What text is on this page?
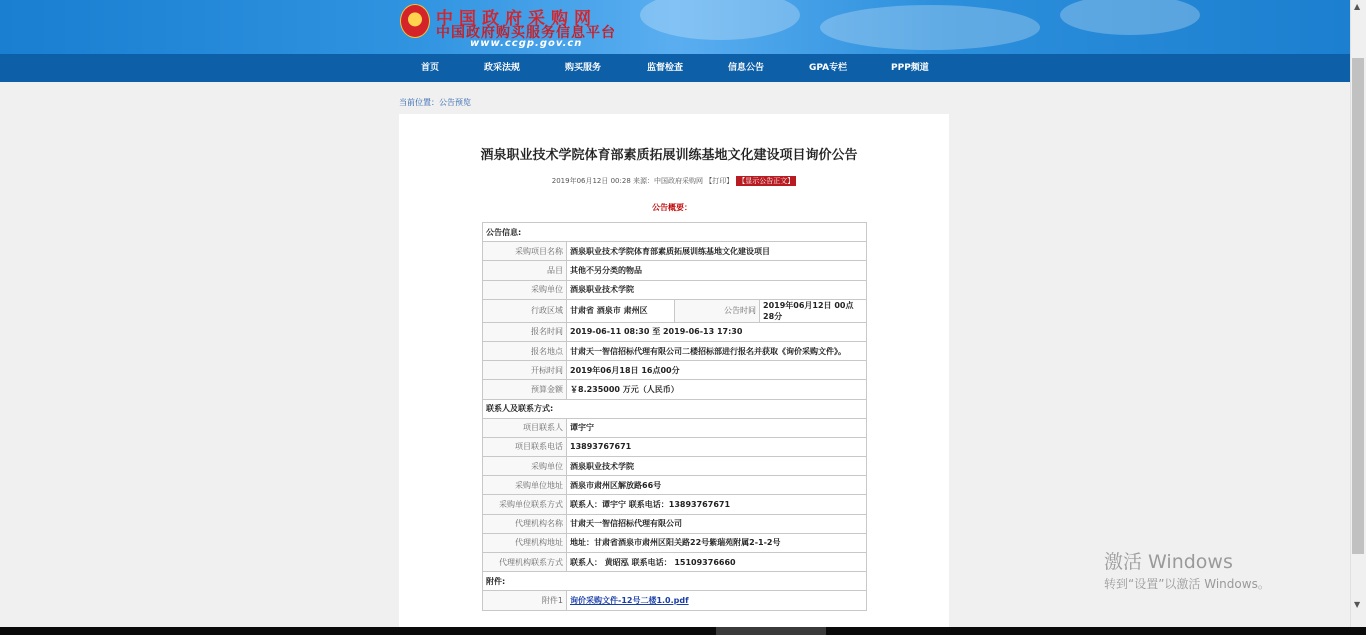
中国政府采购网
中国政府购买服务信息平台
www.ccgp.gov.cn
首页	政采法规	购买服务	监督检查	信息公告	GPA专栏	PPP频道
当前位置：公告预览
酒泉职业技术学院体育部素质拓展训练基地文化建设项目询价公告
2019年06月12日 00:28 来源：中国政府采购网 【打印】 【显示公告正文】
公告概要：
公告信息:			
采购项目名称	酒泉职业技术学院体育部素质拓展训练基地文化建设项目		
品目	其他不另分类的物品		
采购单位	酒泉职业技术学院		
行政区域	甘肃省 酒泉市 肃州区	公告时间	2019年06月12日 00点28分
报名时间	2019-06-11 08:30 至 2019-06-13 17:30		
报名地点	甘肃天一智信招标代理有限公司二楼招标部进行报名并获取《询价采购文件》。		
开标时间	2019年06月18日 16点00分		
预算金额	￥8.235000 万元（人民币）		
联系人及联系方式:			
项目联系人	谭宇宁		
项目联系电话	13893767671		
采购单位	酒泉职业技术学院		
采购单位地址	酒泉市肃州区解放路66号		
采购单位联系方式	联系人：谭宇宁 联系电话：13893767671		
代理机构名称	甘肃天一智信招标代理有限公司		
代理机构地址	地址：甘肃省酒泉市肃州区阳关路22号紫瑞苑附属2-1-2号		
代理机构联系方式	联系人： 黄昭泓 联系电话： 15109376660		
附件:			
附件1	询价采购文件-12号二楼1.0.pdf		
激活 Windows
转到“设置”以激活 Windows。
▲
▼
